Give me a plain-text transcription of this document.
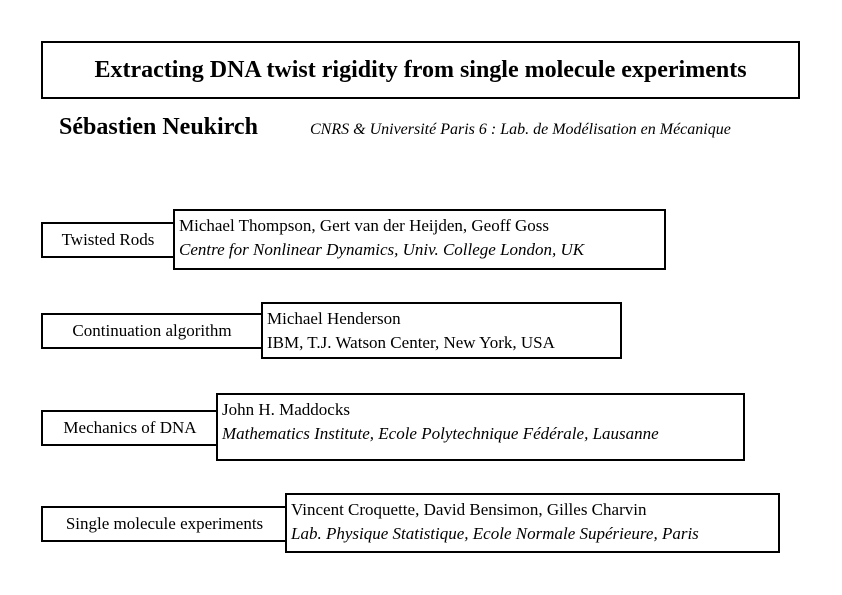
Extracting DNA twist rigidity from single molecule experiments
Sébastien Neukirch	CNRS & Université Paris 6 : Lab. de Modélisation en Mécanique
Twisted Rods
Michael Thompson, Gert van der Heijden, Geoff Goss
Centre for Nonlinear Dynamics, Univ. College London, UK
Continuation algorithm
Michael Henderson
IBM, T.J. Watson Center, New York, USA
Mechanics of DNA
John H. Maddocks
Mathematics Institute, Ecole Polytechnique Fédérale, Lausanne
Single molecule experiments
Vincent Croquette, David Bensimon, Gilles Charvin
Lab. Physique Statistique, Ecole Normale Supérieure, Paris
